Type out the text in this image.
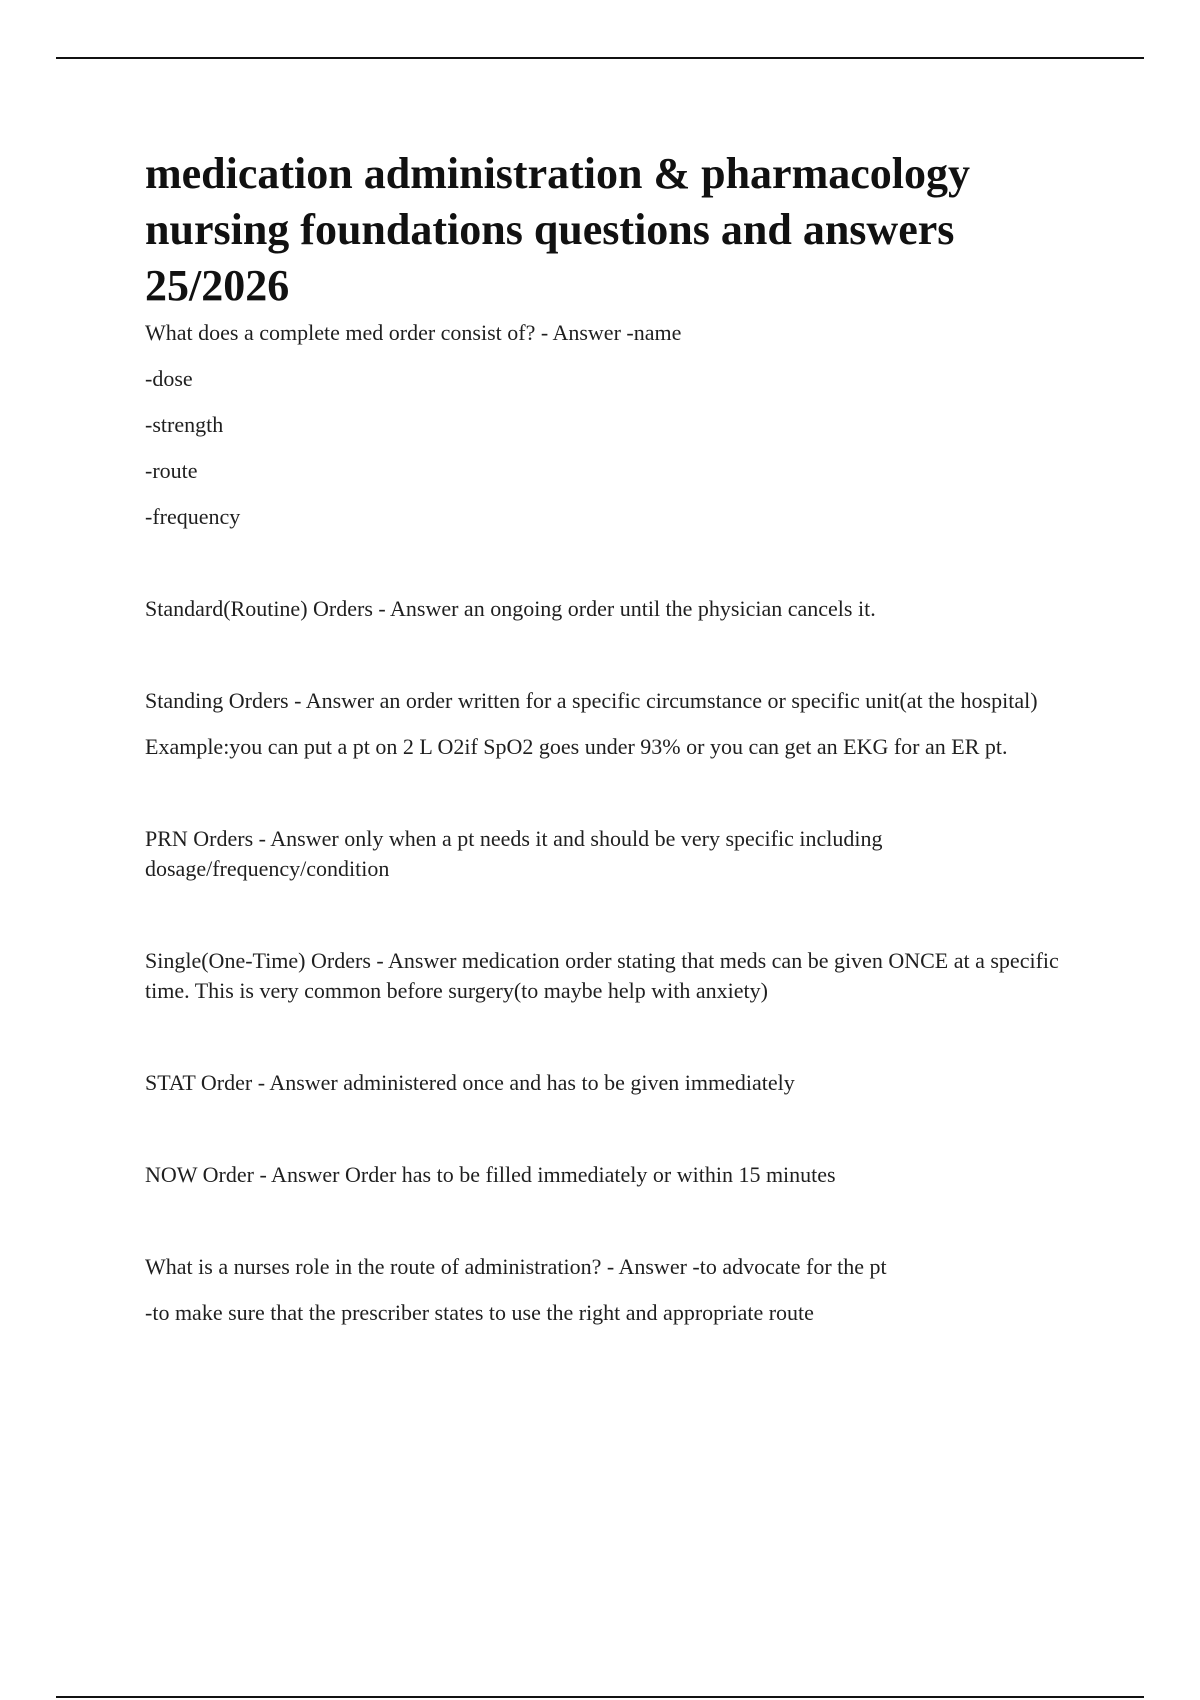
medication administration & pharmacology nursing foundations questions and answers 25/2026

What does a complete med order consist of? - Answer -name

-dose

-strength

-route

-frequency

Standard(Routine) Orders - Answer an ongoing order until the physician cancels it.

Standing Orders - Answer an order written for a specific circumstance or specific unit(at the hospital)

Example:you can put a pt on 2 L O2if SpO2 goes under 93% or you can get an EKG for an ER pt.

PRN Orders - Answer only when a pt needs it and should be very specific including dosage/frequency/condition

Single(One-Time) Orders - Answer medication order stating that meds can be given ONCE at a specific time. This is very common before surgery(to maybe help with anxiety)

STAT Order - Answer administered once and has to be given immediately

NOW Order - Answer Order has to be filled immediately or within 15 minutes

What is a nurses role in the route of administration? - Answer -to advocate for the pt

-to make sure that the prescriber states to use the right and appropriate route
